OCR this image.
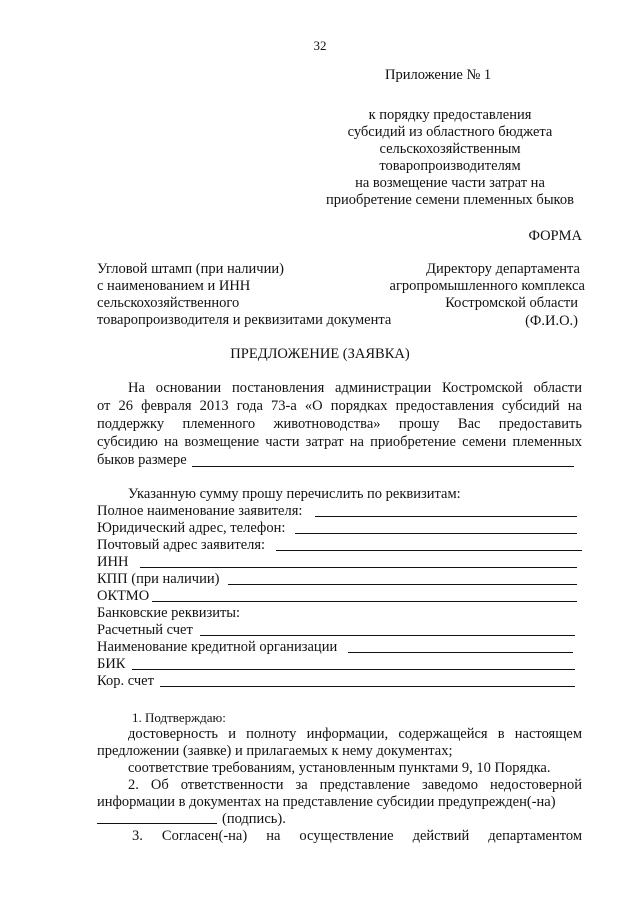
32
Приложение № 1
к порядку предоставления
субсидий из областного бюджета
сельскохозяйственным
товаропроизводителям
на возмещение части затрат на
приобретение семени племенных быков
ФОРМА
Угловой штамп (при наличии)
с наименованием и ИНН
сельскохозяйственного
товаропроизводителя и реквизитами документа
Директору департамента
агропромышленного комплекса
Костромской области
(Ф.И.О.)
ПРЕДЛОЖЕНИЕ (ЗАЯВКА)
На основании постановления администрации Костромской области
от 26 февраля 2013 года 73-а «О порядках предоставления субсидий на
поддержку племенного животноводства» прошу Вас предоставить
субсидию на возмещение части затрат на приобретение семени племенных
быков размере
Указанную сумму прошу перечислить по реквизитам:
Полное наименование заявителя:
Юридический адрес, телефон:
Почтовый адрес заявителя:
ИНН
КПП (при наличии)
ОКТМО
Банковские реквизиты:
Расчетный счет
Наименование кредитной организации
БИК
Кор. счет
1. Подтверждаю:
достоверность и полноту информации, содержащейся в настоящем
предложении (заявке) и прилагаемых к нему документах;
соответствие требованиям, установленным пунктами 9, 10 Порядка.
2. Об ответственности за представление заведомо недостоверной
информации в документах на представление субсидии предупрежден(-на)
(подпись).
3. Согласен(-на) на осуществление действий департаментом
